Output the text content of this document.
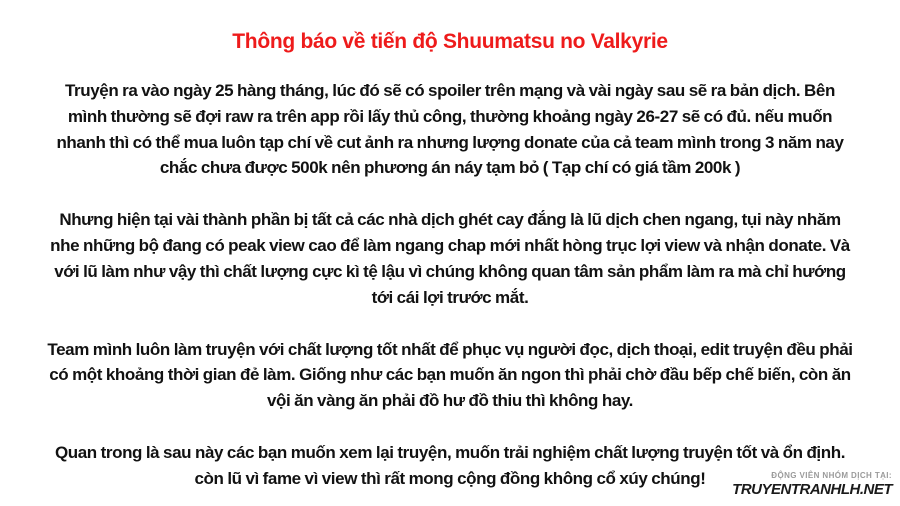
Thông báo về tiến độ Shuumatsu no Valkyrie

Truyện ra vào ngày 25 hàng tháng, lúc đó sẽ có spoiler trên mạng và vài ngày sau sẽ ra bản dịch. Bên mình thường sẽ đợi raw ra trên app rồi lấy thủ công, thường khoảng ngày 26-27 sẽ có đủ. nếu muốn nhanh thì có thể mua luôn tạp chí về cut ảnh ra nhưng lượng donate của cả team mình trong 3 năm nay chắc chưa được 500k nên phương án náy tạm bỏ ( Tạp chí có giá tầm 200k )

Nhưng hiện tại vài thành phần bị tất cả các nhà dịch ghét cay đắng là lũ dịch chen ngang, tụi này nhăm nhe những bộ đang có peak view cao để làm ngang chap mới nhất hòng trục lợi view và nhận donate. Và với lũ làm như vậy thì chất lượng cực kì tệ lậu vì chúng không quan tâm sản phẩm làm ra mà chỉ hướng tới cái lợi trước mắt.

Team mình luôn làm truyện với chất lượng tốt nhất để phục vụ người đọc, dịch thoại, edit truyện đều phải có một khoảng thời gian đẻ làm. Giống như các bạn muốn ăn ngon thì phải chờ đầu bếp chế biến, còn ăn vội ăn vàng ăn phải đồ hư đồ thiu thì không hay.

Quan trong là sau này các bạn muốn xem lại truyện, muốn trải nghiệm chất lượng truyện tốt và ổn định. còn lũ vì fame vì view thì rất mong cộng đồng không cổ xúy chúng!	ĐỘNG VIÊN NHÓM DỊCH TẠI:
TRUYENTRANHLH.NET
